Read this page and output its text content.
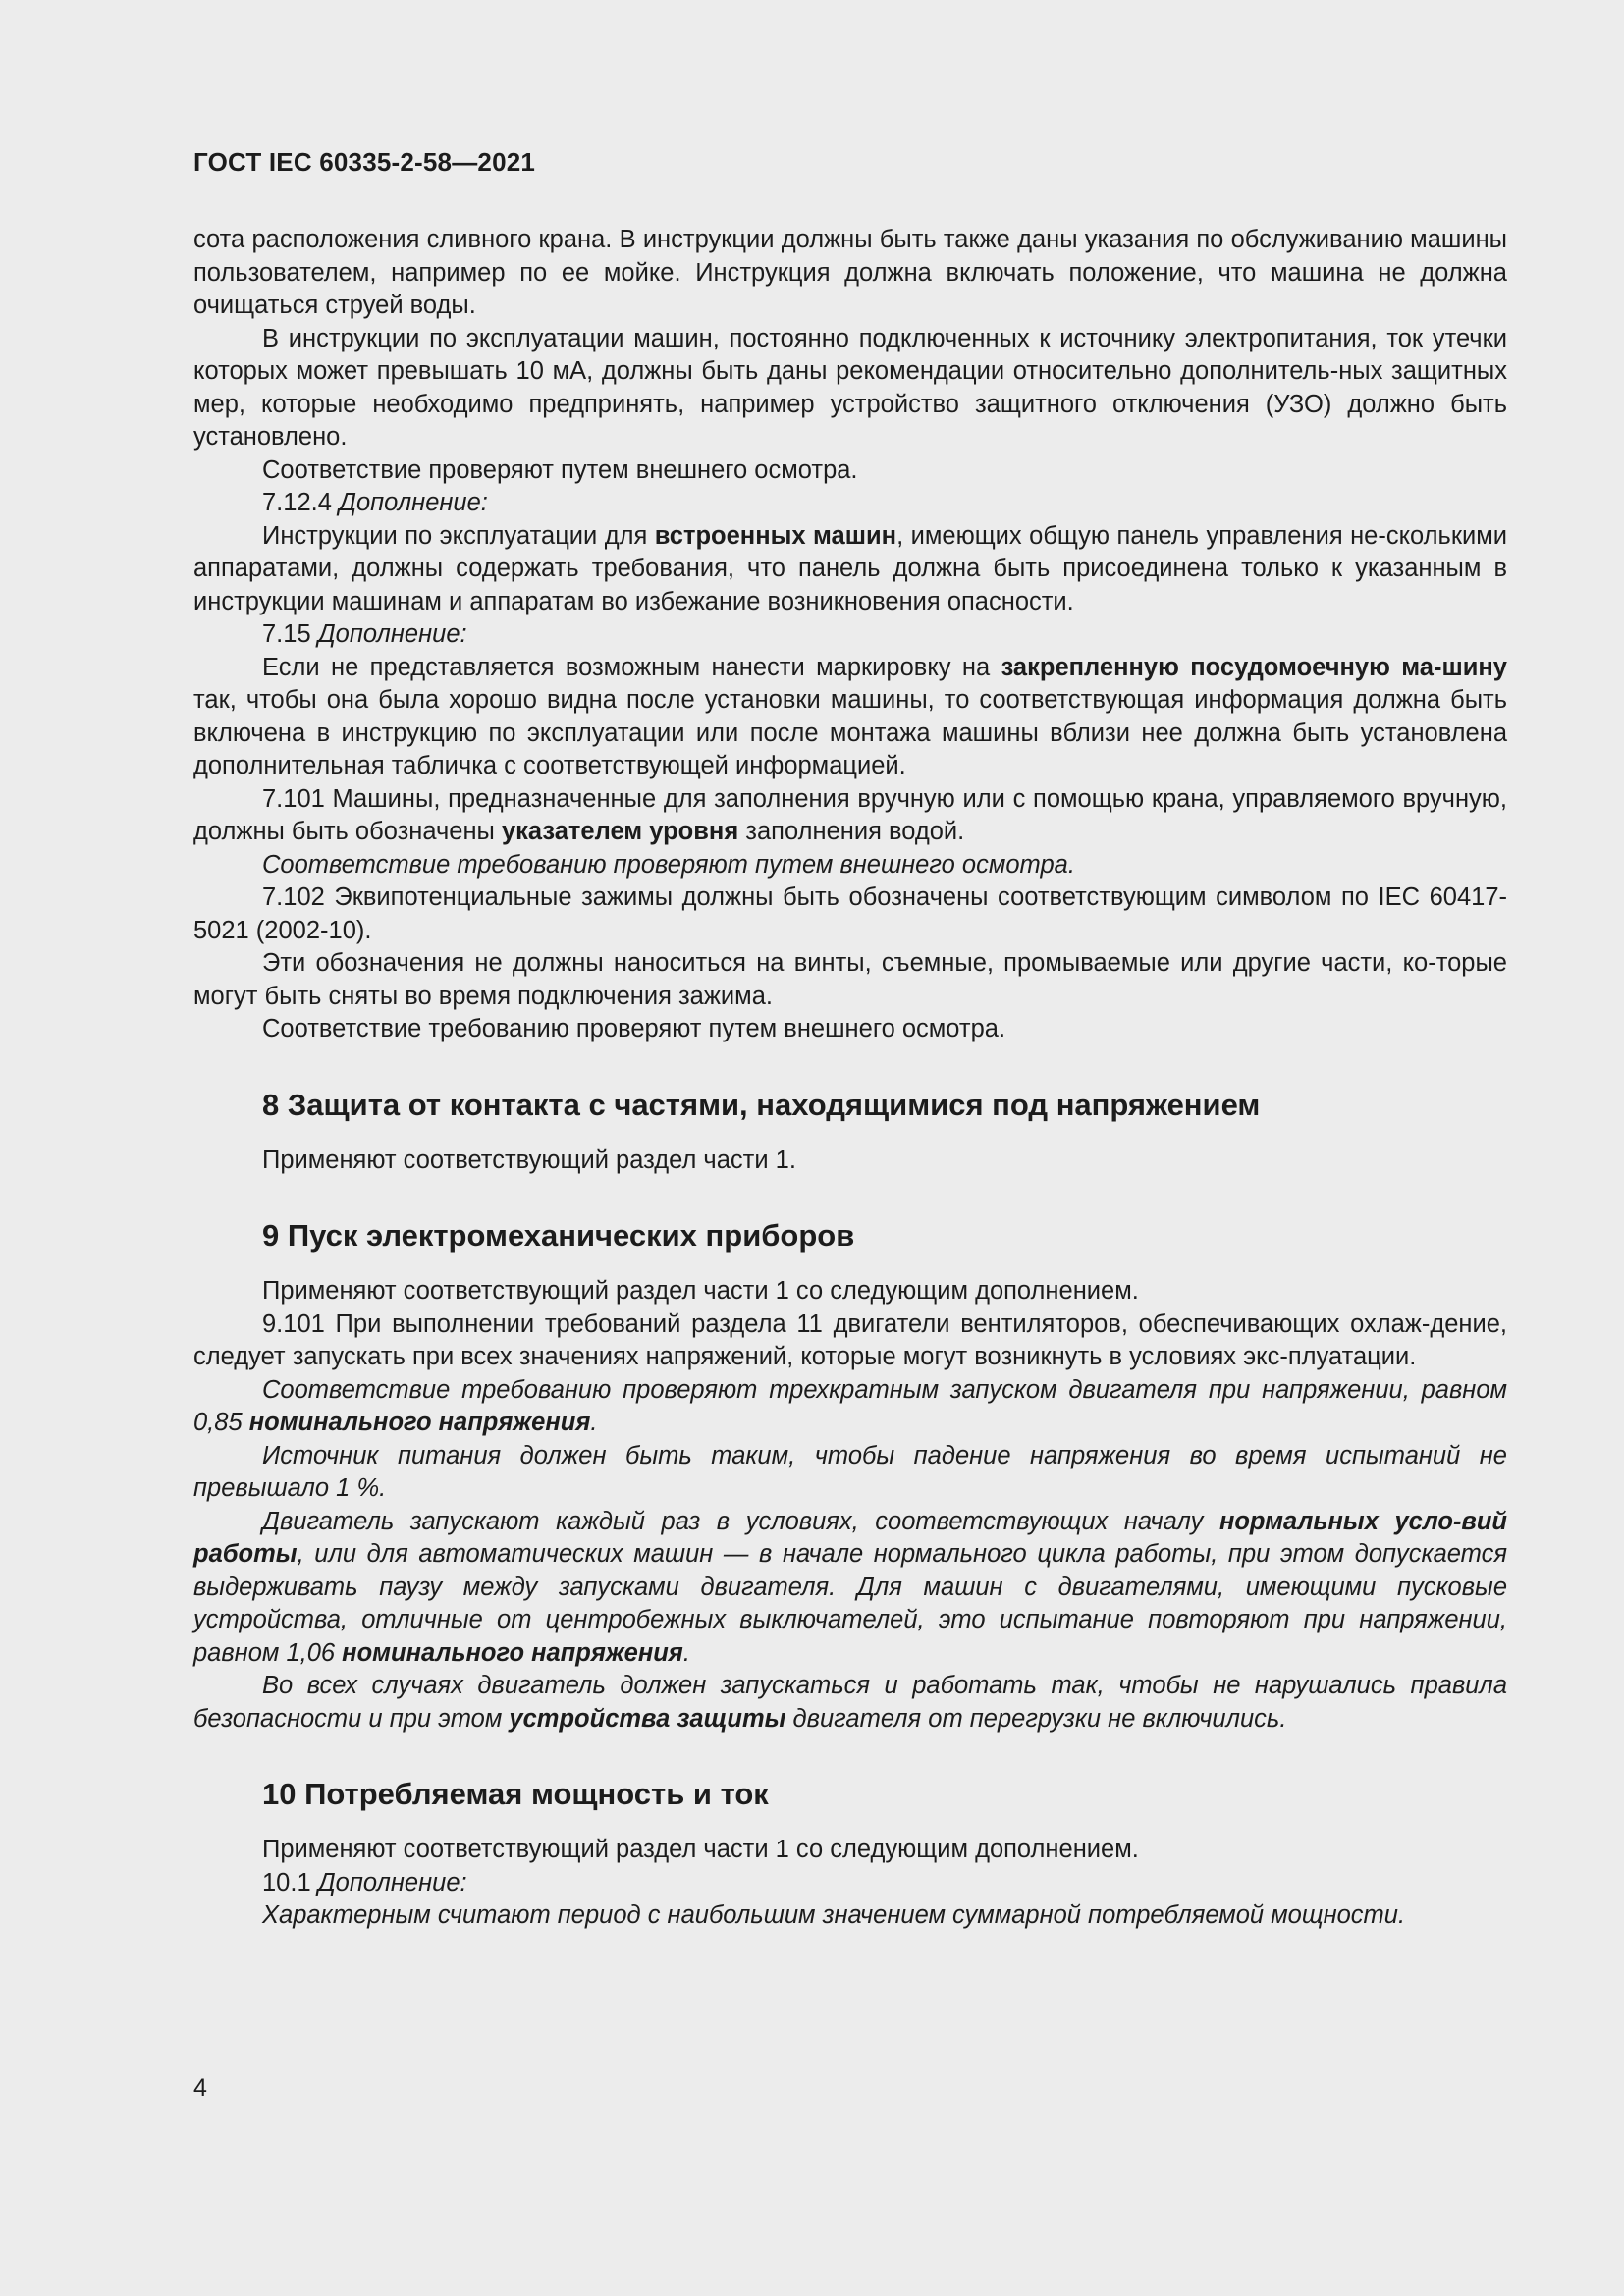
ГОСТ IEC 60335-2-58—2021

сота расположения сливного крана. В инструкции должны быть также даны указания по обслуживанию машины пользователем, например по ее мойке. Инструкция должна включать положение, что машина не должна очищаться струей воды.

В инструкции по эксплуатации машин, постоянно подключенных к источнику электропитания, ток утечки которых может превышать 10 мА, должны быть даны рекомендации относительно дополнитель-ных защитных мер, которые необходимо предпринять, например устройство защитного отключения (УЗО) должно быть установлено.

Соответствие проверяют путем внешнего осмотра.

7.12.4 Дополнение:

Инструкции по эксплуатации для встроенных машин, имеющих общую панель управления не-сколькими аппаратами, должны содержать требования, что панель должна быть присоединена только к указанным в инструкции машинам и аппаратам во избежание возникновения опасности.

7.15 Дополнение:

Если не представляется возможным нанести маркировку на закрепленную посудомоечную ма-шину так, чтобы она была хорошо видна после установки машины, то соответствующая информация должна быть включена в инструкцию по эксплуатации или после монтажа машины вблизи нее должна быть установлена дополнительная табличка с соответствующей информацией.

7.101 Машины, предназначенные для заполнения вручную или с помощью крана, управляемого вручную, должны быть обозначены указателем уровня заполнения водой.

Соответствие требованию проверяют путем внешнего осмотра.

7.102 Эквипотенциальные зажимы должны быть обозначены соответствующим символом по IEC 60417-5021 (2002-10).

Эти обозначения не должны наноситься на винты, съемные, промываемые или другие части, ко-торые могут быть сняты во время подключения зажима.

Соответствие требованию проверяют путем внешнего осмотра.

8 Защита от контакта с частями, находящимися под напряжением

Применяют соответствующий раздел части 1.

9 Пуск электромеханических приборов

Применяют соответствующий раздел части 1 со следующим дополнением.

9.101 При выполнении требований раздела 11 двигатели вентиляторов, обеспечивающих охлаж-дение, следует запускать при всех значениях напряжений, которые могут возникнуть в условиях экс-плуатации.

Соответствие требованию проверяют трехкратным запуском двигателя при напряжении, равном 0,85 номинального напряжения.

Источник питания должен быть таким, чтобы падение напряжения во время испытаний не превышало 1 %.

Двигатель запускают каждый раз в условиях, соответствующих началу нормальных усло-вий работы, или для автоматических машин — в начале нормального цикла работы, при этом допускается выдерживать паузу между запусками двигателя. Для машин с двигателями, имеющими пусковые устройства, отличные от центробежных выключателей, это испытание повторяют при напряжении, равном 1,06 номинального напряжения.

Во всех случаях двигатель должен запускаться и работать так, чтобы не нарушались правила безопасности и при этом устройства защиты двигателя от перегрузки не включились.

10 Потребляемая мощность и ток

Применяют соответствующий раздел части 1 со следующим дополнением.

10.1 Дополнение:

Характерным считают период с наибольшим значением суммарной потребляемой мощности.

4
